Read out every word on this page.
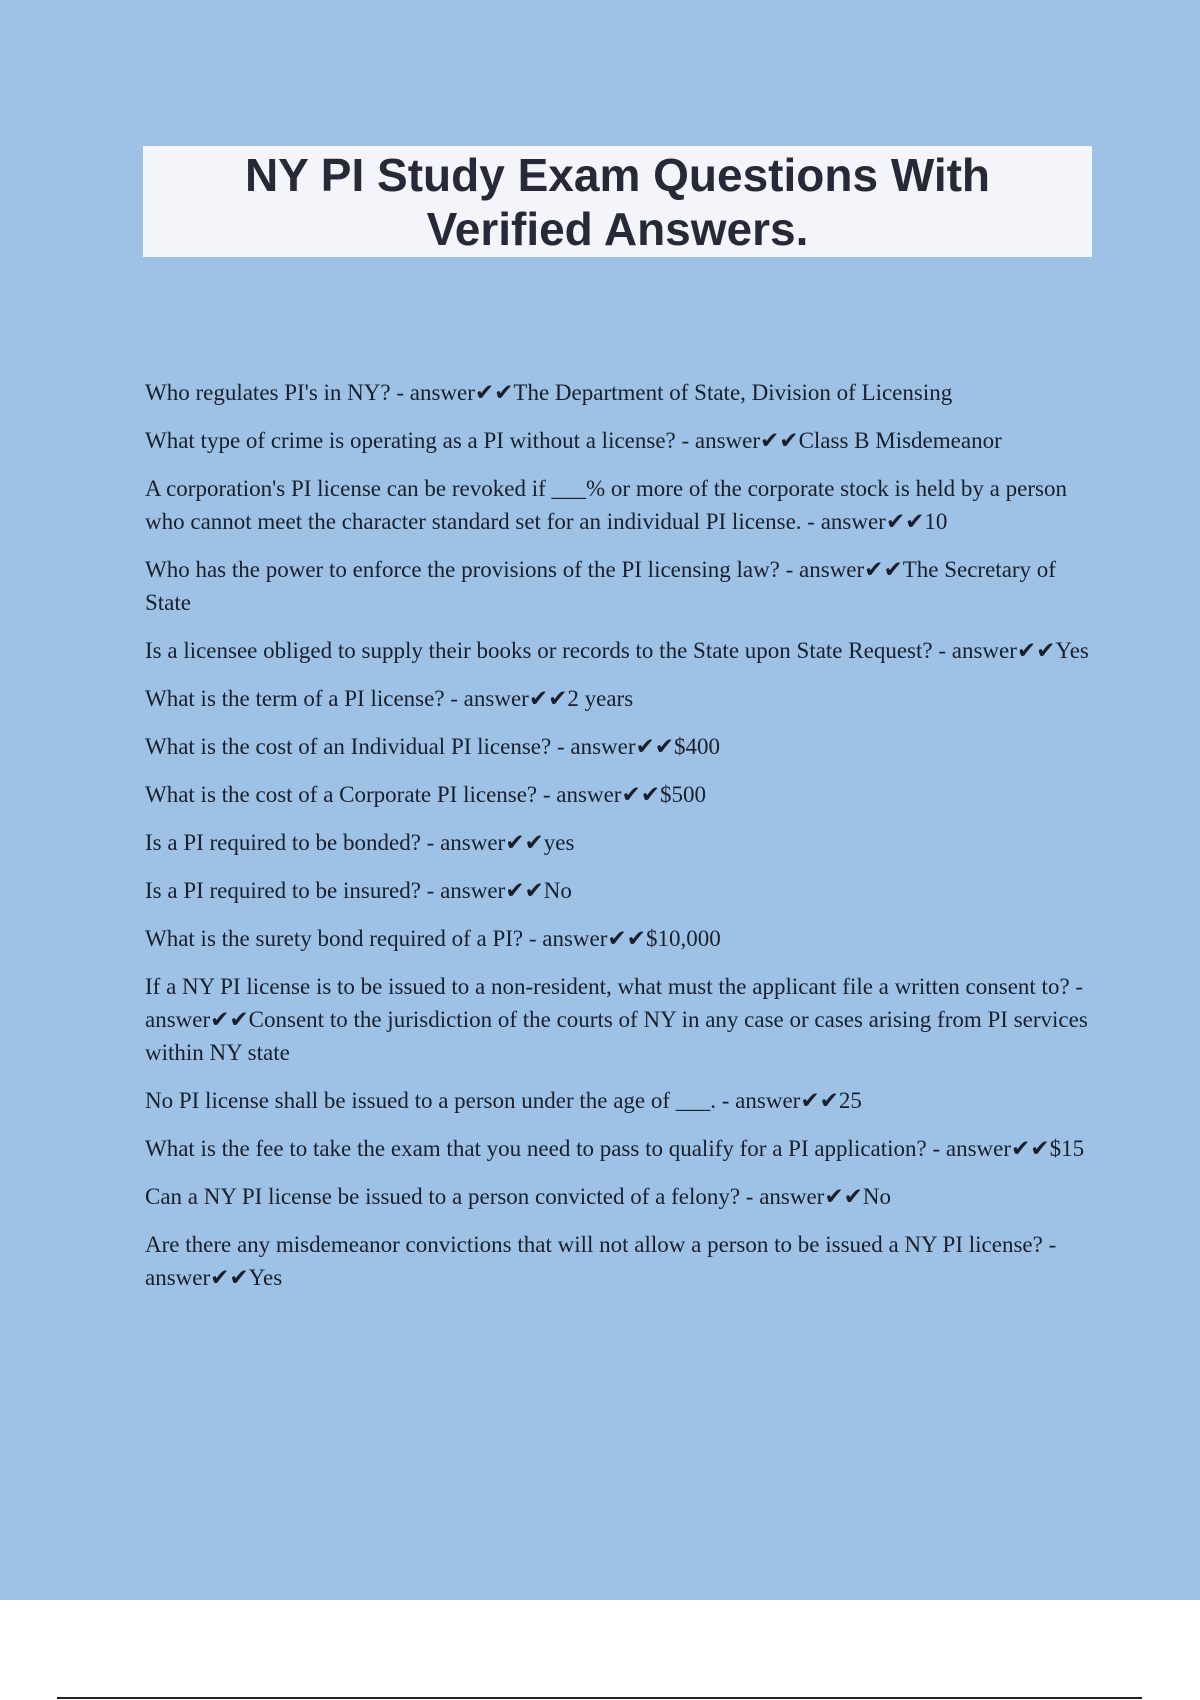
NY PI Study Exam Questions With Verified Answers.
Who regulates PI's in NY? - answer✔✔The Department of State, Division of Licensing
What type of crime is operating as a PI without a license? - answer✔✔Class B Misdemeanor
A corporation's PI license can be revoked if ___% or more of the corporate stock is held by a person who cannot meet the character standard set for an individual PI license. - answer✔✔10
Who has the power to enforce the provisions of the PI licensing law? - answer✔✔The Secretary of State
Is a licensee obliged to supply their books or records to the State upon State Request? - answer✔✔Yes
What is the term of a PI license? - answer✔✔2 years
What is the cost of an Individual PI license? - answer✔✔$400
What is the cost of a Corporate PI license? - answer✔✔$500
Is a PI required to be bonded? - answer✔✔yes
Is a PI required to be insured? - answer✔✔No
What is the surety bond required of a PI? - answer✔✔$10,000
If a NY PI license is to be issued to a non-resident, what must the applicant file a written consent to? - answer✔✔Consent to the jurisdiction of the courts of NY in any case or cases arising from PI services within NY state
No PI license shall be issued to a person under the age of ___. - answer✔✔25
What is the fee to take the exam that you need to pass to qualify for a PI application? - answer✔✔$15
Can a NY PI license be issued to a person convicted of a felony? - answer✔✔No
Are there any misdemeanor convictions that will not allow a person to be issued a NY PI license? - answer✔✔Yes
